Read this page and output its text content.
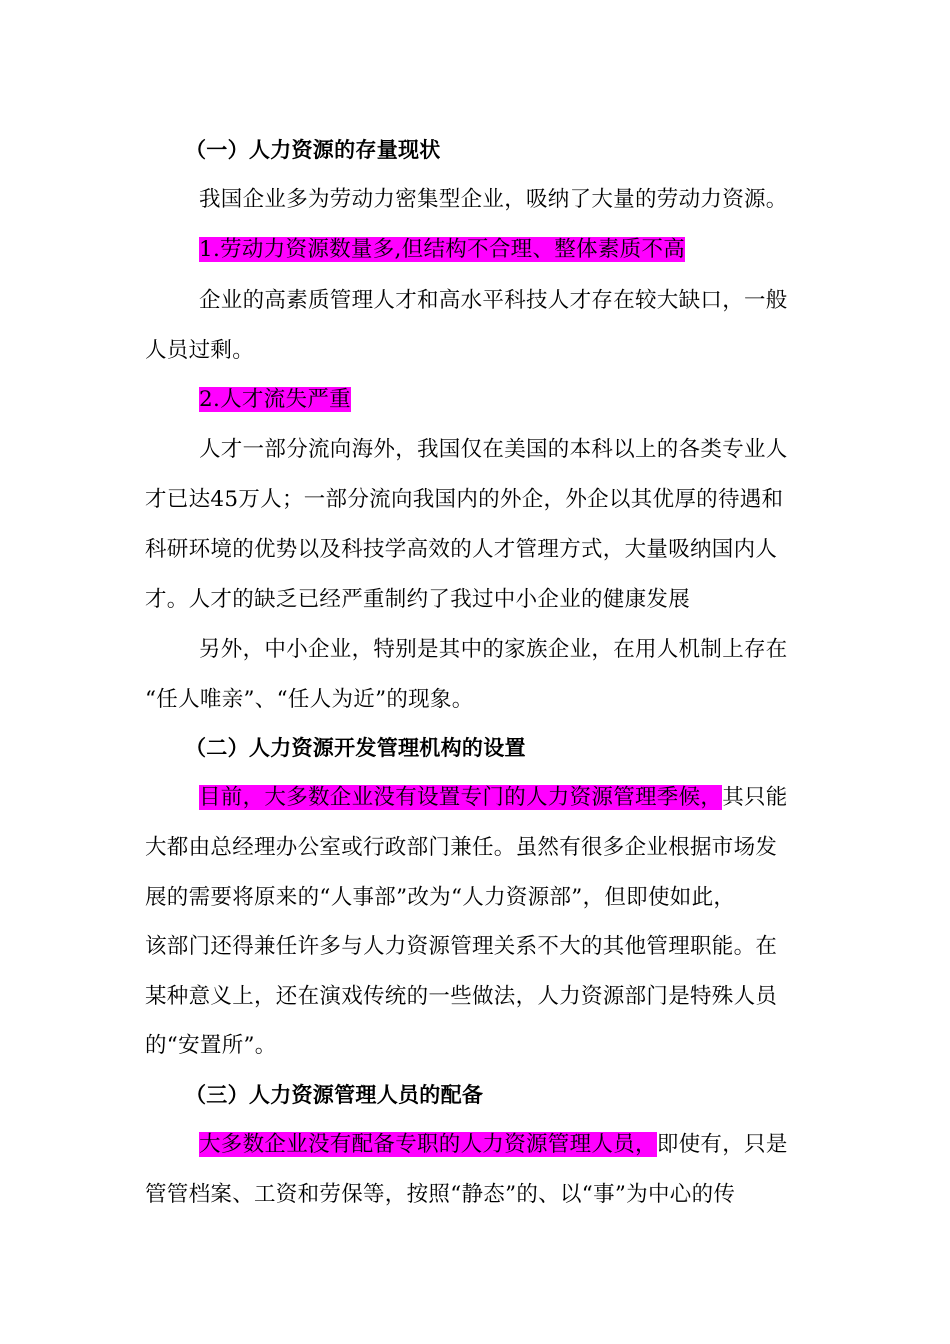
（一）人力资源的存量现状
我国企业多为劳动力密集型企业，吸纳了大量的劳动力资源。
1.劳动力资源数量多,但结构不合理、整体素质不高
企业的高素质管理人才和高水平科技人才存在较大缺口，一般
人员过剩。
2.人才流失严重
人才一部分流向海外，我国仅在美国的本科以上的各类专业人
才已达45万人；一部分流向我国内的外企，外企以其优厚的待遇和
科研环境的优势以及科技学高效的人才管理方式，大量吸纳国内人
才。人才的缺乏已经严重制约了我过中小企业的健康发展
另外，中小企业，特别是其中的家族企业，在用人机制上存在
“任人唯亲”、“任人为近”的现象。
（二）人力资源开发管理机构的设置
目前，大多数企业没有设置专门的人力资源管理季候，其只能
大都由总经理办公室或行政部门兼任。虽然有很多企业根据市场发
展的需要将原来的“人事部”改为“人力资源部”，但即使如此，
该部门还得兼任许多与人力资源管理关系不大的其他管理职能。在
某种意义上，还在演戏传统的一些做法，人力资源部门是特殊人员
的“安置所”。
（三）人力资源管理人员的配备
大多数企业没有配备专职的人力资源管理人员，即使有，只是
管管档案、工资和劳保等，按照“静态”的、以“事”为中心的传
